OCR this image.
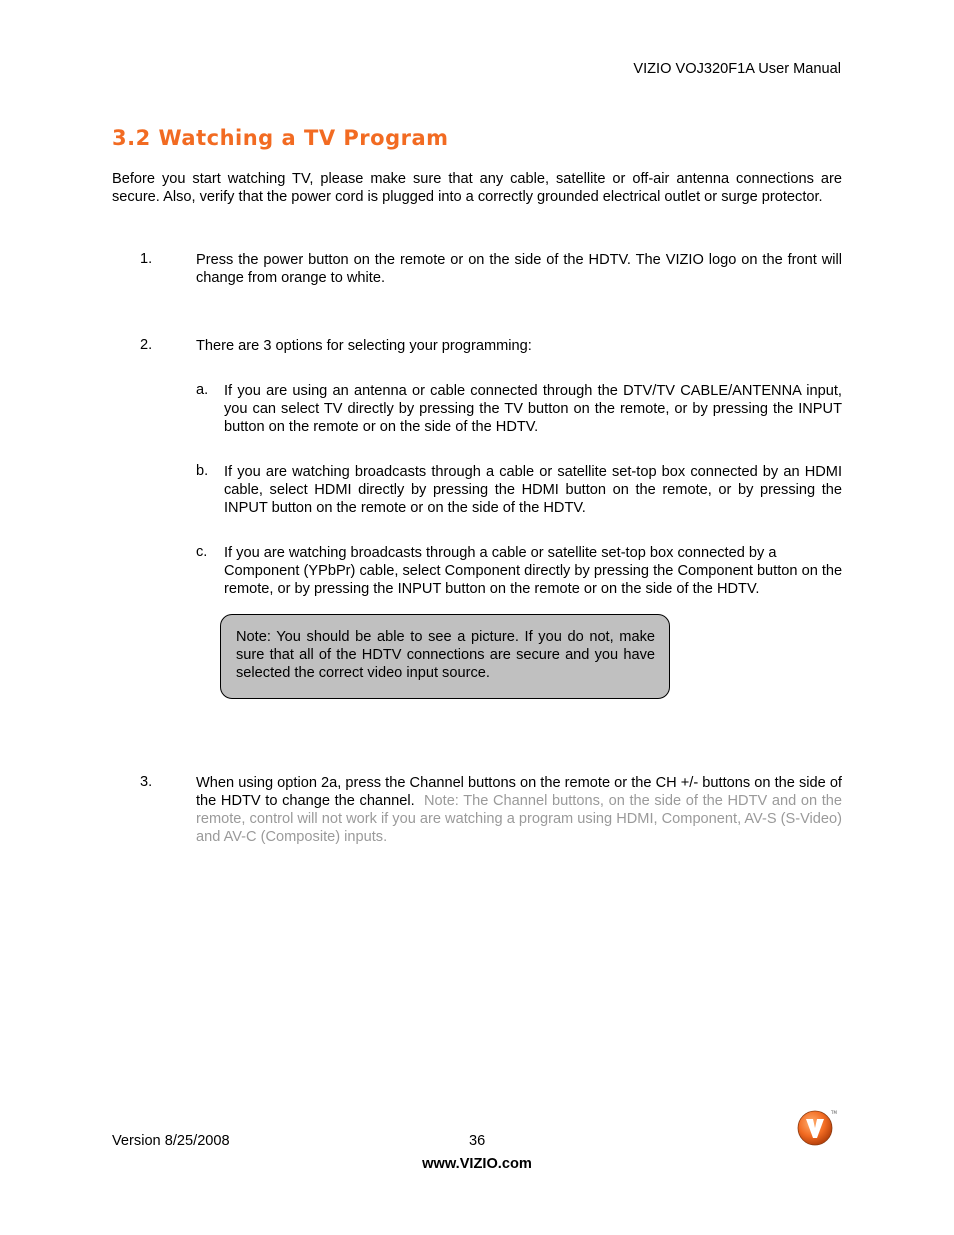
VIZIO VOJ320F1A User Manual
3.2 Watching a TV Program
Before you start watching TV, please make sure that any cable, satellite or off-air antenna connections are secure. Also, verify that the power cord is plugged into a correctly grounded electrical outlet or surge protector.
1.	Press the power button on the remote or on the side of the HDTV. The VIZIO logo on the front will change from orange to white.
2.	There are 3 options for selecting your programming:
a.	If you are using an antenna or cable connected through the DTV/TV CABLE/ANTENNA input, you can select TV directly by pressing the TV button on the remote, or by pressing the INPUT button on the remote or on the side of the HDTV.
b.	If you are watching broadcasts through a cable or satellite set-top box connected by an HDMI cable, select HDMI directly by pressing the HDMI button on the remote, or by pressing the INPUT button on the remote or on the side of the HDTV.
c.	If you are watching broadcasts through a cable or satellite set-top box connected by a Component (YPbPr) cable, select Component directly by pressing the Component button on the remote, or by pressing the INPUT button on the remote or on the side of the HDTV.
Note: You should be able to see a picture. If you do not, make sure that all of the HDTV connections are secure and you have selected the correct video input source.
3.	When using option 2a, press the Channel buttons on the remote or the CH +/- buttons on the side of the HDTV to change the channel. Note: The Channel buttons, on the side of the HDTV and on the remote, control will not work if you are watching a program using HDMI, Component, AV-S (S-Video) and AV-C (Composite) inputs.
Version 8/25/2008	36
www.VIZIO.com
TM
